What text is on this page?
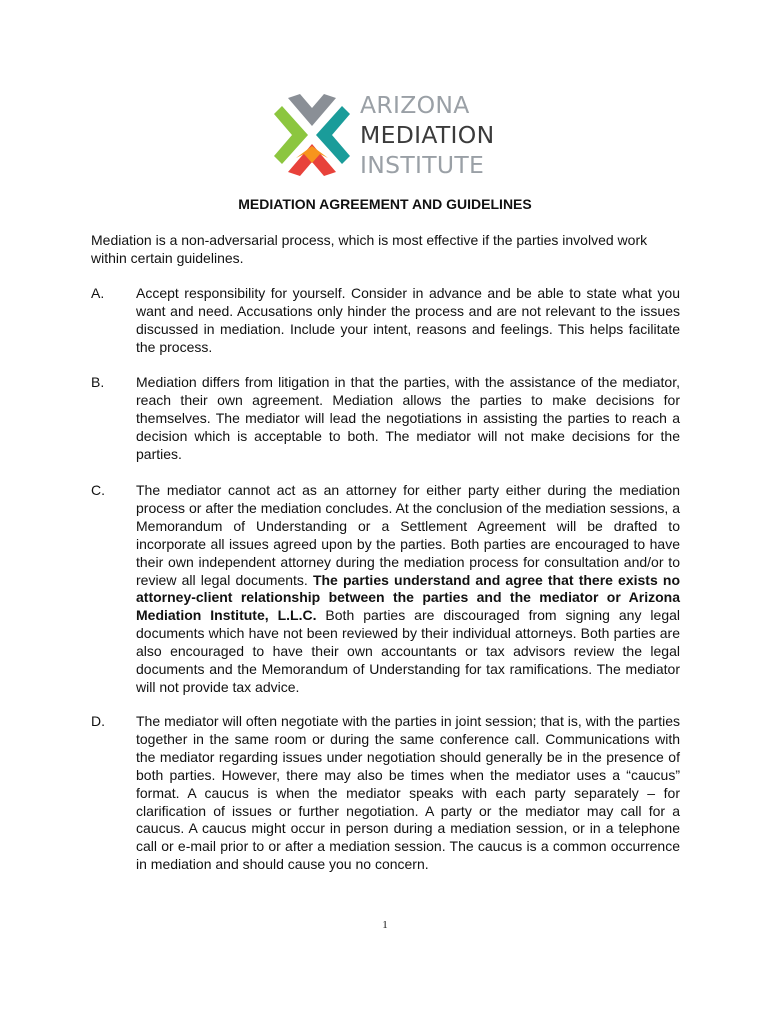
ARIZONA
MEDIATION
INSTITUTE
MEDIATION AGREEMENT AND GUIDELINES
Mediation is a non-adversarial process, which is most effective if the parties involved work within certain guidelines.
A. Accept responsibility for yourself. Consider in advance and be able to state what you want and need. Accusations only hinder the process and are not relevant to the issues discussed in mediation. Include your intent, reasons and feelings. This helps facilitate the process.
B. Mediation differs from litigation in that the parties, with the assistance of the mediator, reach their own agreement. Mediation allows the parties to make decisions for themselves. The mediator will lead the negotiations in assisting the parties to reach a decision which is acceptable to both. The mediator will not make decisions for the parties.
C. The mediator cannot act as an attorney for either party either during the mediation process or after the mediation concludes. At the conclusion of the mediation sessions, a Memorandum of Understanding or a Settlement Agreement will be drafted to incorporate all issues agreed upon by the parties. Both parties are encouraged to have their own independent attorney during the mediation process for consultation and/or to review all legal documents. The parties understand and agree that there exists no attorney-client relationship between the parties and the mediator or Arizona Mediation Institute, L.L.C. Both parties are discouraged from signing any legal documents which have not been reviewed by their individual attorneys. Both parties are also encouraged to have their own accountants or tax advisors review the legal documents and the Memorandum of Understanding for tax ramifications. The mediator will not provide tax advice.
D. The mediator will often negotiate with the parties in joint session; that is, with the parties together in the same room or during the same conference call. Communications with the mediator regarding issues under negotiation should generally be in the presence of both parties. However, there may also be times when the mediator uses a “caucus” format. A caucus is when the mediator speaks with each party separately – for clarification of issues or further negotiation. A party or the mediator may call for a caucus. A caucus might occur in person during a mediation session, or in a telephone call or e-mail prior to or after a mediation session. The caucus is a common occurrence in mediation and should cause you no concern.
1
